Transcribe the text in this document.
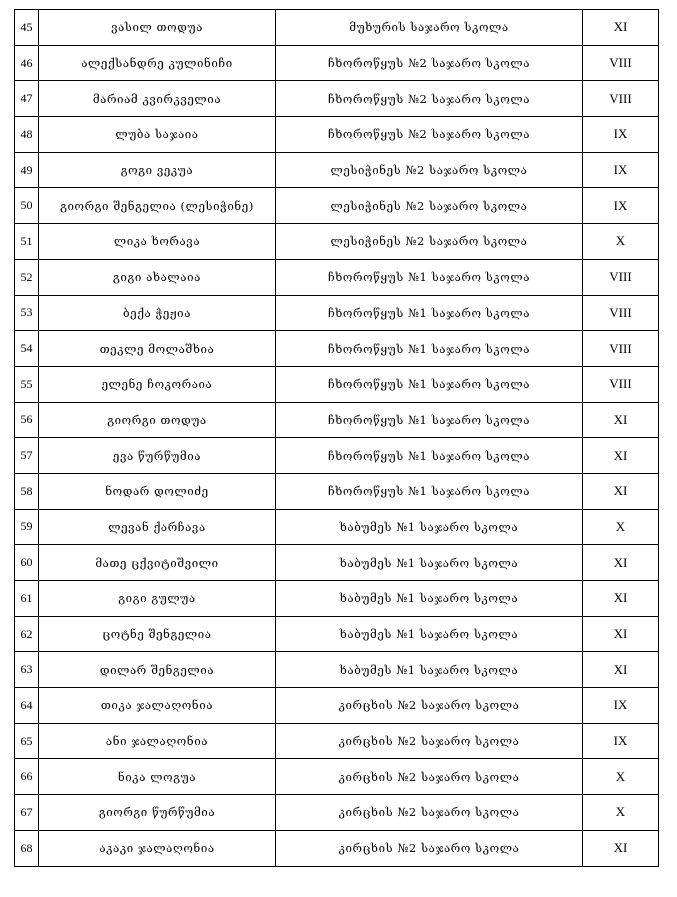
45	ვასილ თოდუა	მუხურის საჯარო სკოლა	XI
46	ალექსანდრე კულინიჩი	ჩხოროწყუს №2 საჯარო სკოლა	VIII
47	მარიამ კვირკველია	ჩხოროწყუს №2 საჯარო სკოლა	VIII
48	ლუბა საჯაია	ჩხოროწყუს №2 საჯარო სკოლა	IX
49	გოგი ვეკუა	ლესიჭინეს №2 საჯარო სკოლა	IX
50	გიორგი შენგელია (ლესიჭინე)	ლესიჭინეს №2 საჯარო სკოლა	IX
51	ლიკა ხორავა	ლესიჭინეს №2 საჯარო სკოლა	X
52	გიგი ახალაია	ჩხოროწყუს №1 საჯარო სკოლა	VIII
53	ბექა ჭეჟია	ჩხოროწყუს №1 საჯარო სკოლა	VIII
54	თეკლე მოლაშხია	ჩხოროწყუს №1 საჯარო სკოლა	VIII
55	ელენე ჩოკორაია	ჩხოროწყუს №1 საჯარო სკოლა	VIII
56	გიორგი თოდუა	ჩხოროწყუს №1 საჯარო სკოლა	XI
57	ევა წურწუმია	ჩხოროწყუს №1 საჯარო სკოლა	XI
58	ნოდარ დოლიძე	ჩხოროწყუს №1 საჯარო სკოლა	XI
59	ლევან ქარჩავა	ხაბუმეს №1 საჯარო სკოლა	X
60	მათე ცქვიტიშვილი	ხაბუმეს №1 საჯარო სკოლა	XI
61	გიგი გულუა	ხაბუმეს №1 საჯარო სკოლა	XI
62	ცოტნე შენგელია	ხაბუმეს №1 საჯარო სკოლა	XI
63	დილარ შენგელია	ხაბუმეს №1 საჯარო სკოლა	XI
64	თიკა ჯალაღონია	კირცხის №2 საჯარო სკოლა	IX
65	ანი ჯალაღონია	კირცხის №2 საჯარო სკოლა	IX
66	ნიკა ლოგუა	კირცხის №2 საჯარო სკოლა	X
67	გიორგი წურწუმია	კირცხის №2 საჯარო სკოლა	X
68	აკაკი ჯალაღონია	კირცხის №2 საჯარო სკოლა	XI
